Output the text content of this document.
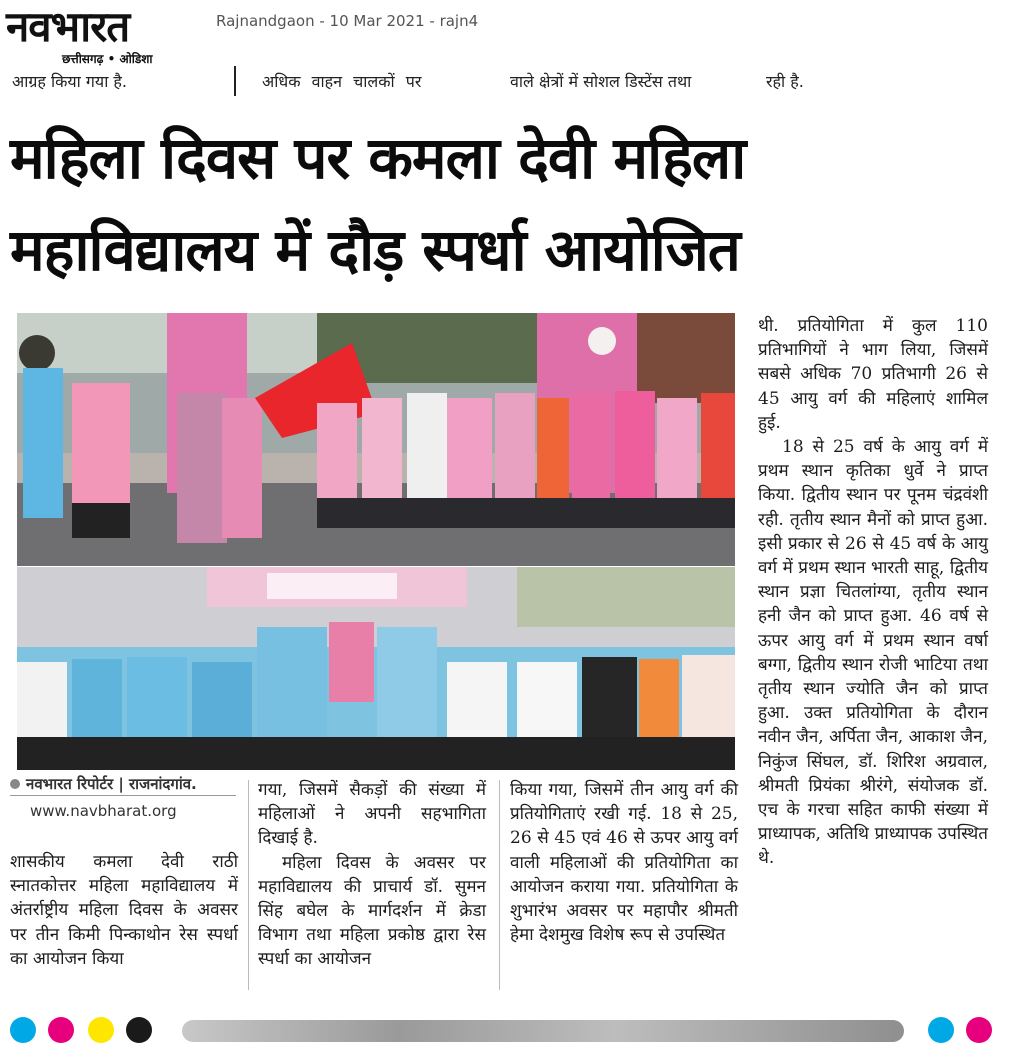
नवभारत
छत्तीसगढ़ • ओडिशा
Rajnandgaon - 10 Mar 2021 - rajn4
आग्रह किया गया है.	अधिक वाहन चालकों पर	वाले क्षेत्रों में सोशल डिस्टेंस तथा	रही है.
महिला दिवस पर कमला देवी महिला
महाविद्यालय में दौड़ स्पर्धा आयोजित
नवभारत रिपोर्टर | राजनांदगांव.
www.navbharat.org

शासकीय कमला देवी राठी स्नातकोत्तर महिला महाविद्यालय में अंतर्राष्ट्रीय महिला दिवस के अवसर पर तीन किमी पिन्काथोन रेस स्पर्धा का आयोजन किया

गया, जिसमें सैकड़ों की संख्या में महिलाओं ने अपनी सहभागिता दिखाई है.

महिला दिवस के अवसर पर महाविद्यालय की प्राचार्य डॉ. सुमन सिंह बघेल के मार्गदर्शन में क्रेडा विभाग तथा महिला प्रकोष्ठ द्वारा रेस स्पर्धा का आयोजन

किया गया, जिसमें तीन आयु वर्ग की प्रतियोगिताएं रखी गई. 18 से 25, 26 से 45 एवं 46 से ऊपर आयु वर्ग वाली महिलाओं की प्रतियोगिता का आयोजन कराया गया. प्रतियोगिता के शुभारंभ अवसर पर महापौर श्रीमती हेमा देशमुख विशेष रूप से उपस्थित

थी. प्रतियोगिता में कुल 110 प्रतिभागियों ने भाग लिया, जिसमें सबसे अधिक 70 प्रतिभागी 26 से 45 आयु वर्ग की महिलाएं शामिल हुई.

18 से 25 वर्ष के आयु वर्ग में प्रथम स्थान कृतिका धुर्वे ने प्राप्त किया. द्वितीय स्थान पर पूनम चंद्रवंशी रही. तृतीय स्थान मैनों को प्राप्त हुआ. इसी प्रकार से 26 से 45 वर्ष के आयु वर्ग में प्रथम स्थान भारती साहू, द्वितीय स्थान प्रज्ञा चितलांग्या, तृतीय स्थान हनी जैन को प्राप्त हुआ. 46 वर्ष से ऊपर आयु वर्ग में प्रथम स्थान वर्षा बग्गा, द्वितीय स्थान रोजी भाटिया तथा तृतीय स्थान ज्योति जैन को प्राप्त हुआ. उक्त प्रतियोगिता के दौरान नवीन जैन, अर्पिता जैन, आकाश जैन, निकुंज सिंघल, डॉ. शिरिश अग्रवाल, श्रीमती प्रियंका श्रीरंगे, संयोजक डॉ. एच के गरचा सहित काफी संख्या में प्राध्यापक, अतिथि प्राध्यापक उपस्थित थे.
